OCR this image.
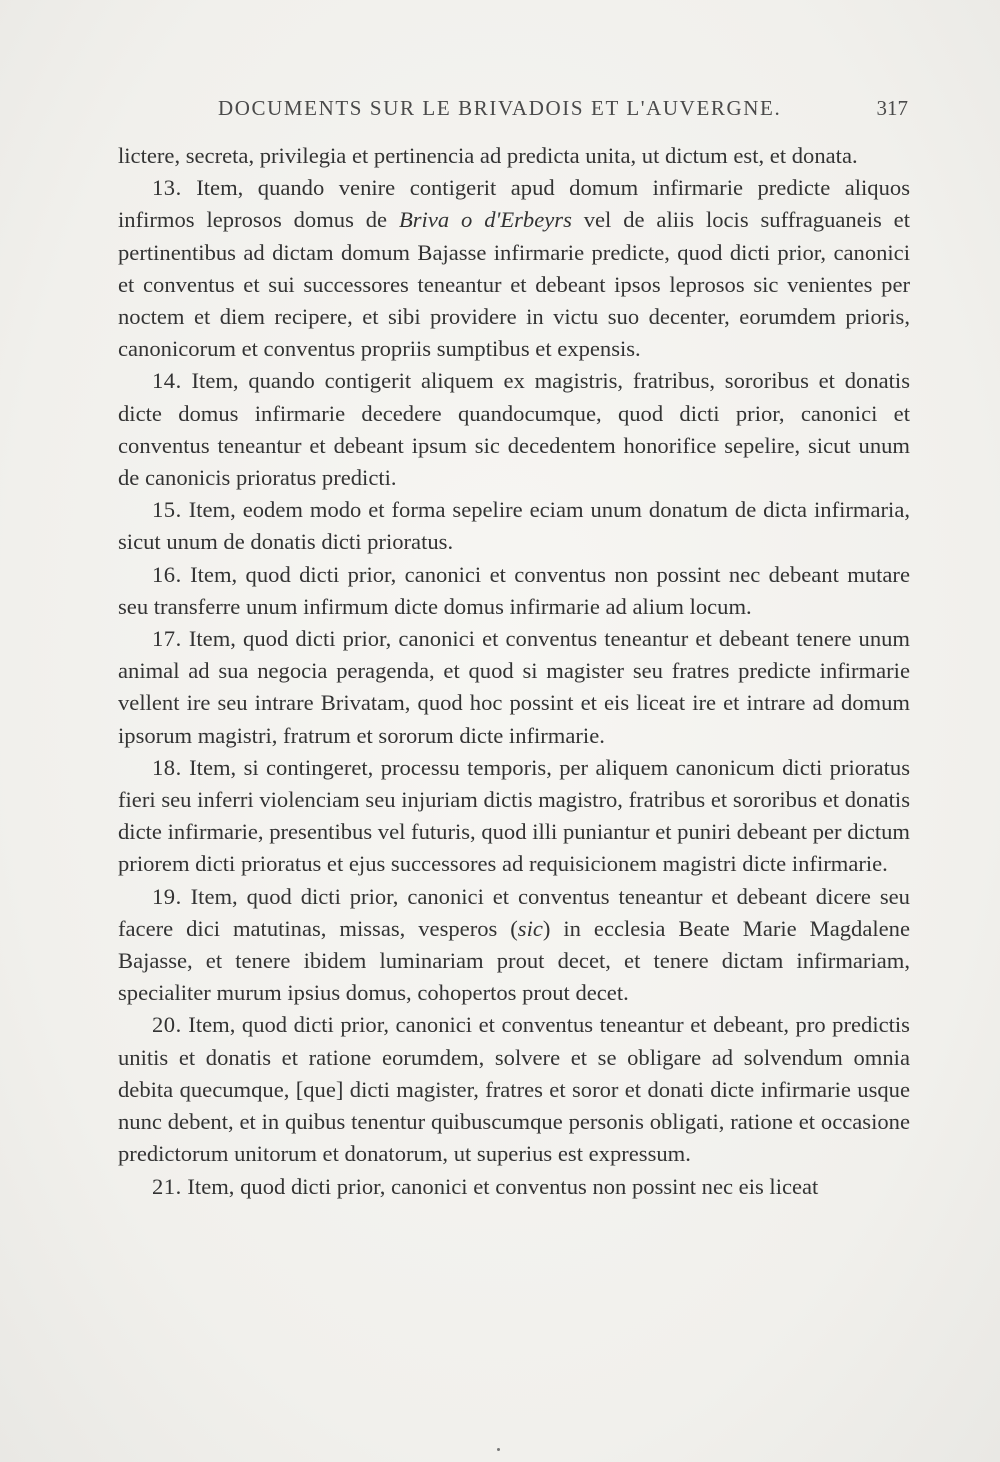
DOCUMENTS SUR LE BRIVADOIS ET L'AUVERGNE.	317

lictere, secreta, privilegia et pertinencia ad predicta unita, ut dictum est, et donata.

13. Item, quando venire contigerit apud domum infirmarie predicte aliquos infirmos leprosos domus de Briva o d'Erbeyrs vel de aliis locis suffraguaneis et pertinentibus ad dictam domum Bajasse infirmarie predicte, quod dicti prior, canonici et conventus et sui successores teneantur et debeant ipsos leprosos sic venientes per noctem et diem recipere, et sibi providere in victu suo decenter, eorumdem prioris, canonicorum et conventus propriis sumptibus et expensis.

14. Item, quando contigerit aliquem ex magistris, fratribus, sororibus et donatis dicte domus infirmarie decedere quandocumque, quod dicti prior, canonici et conventus teneantur et debeant ipsum sic decedentem honorifice sepelire, sicut unum de canonicis prioratus predicti.

15. Item, eodem modo et forma sepelire eciam unum donatum de dicta infirmaria, sicut unum de donatis dicti prioratus.

16. Item, quod dicti prior, canonici et conventus non possint nec debeant mutare seu transferre unum infirmum dicte domus infirmarie ad alium locum.

17. Item, quod dicti prior, canonici et conventus teneantur et debeant tenere unum animal ad sua negocia peragenda, et quod si magister seu fratres predicte infirmarie vellent ire seu intrare Brivatam, quod hoc possint et eis liceat ire et intrare ad domum ipsorum magistri, fratrum et sororum dicte infirmarie.

18. Item, si contingeret, processu temporis, per aliquem canonicum dicti prioratus fieri seu inferri violenciam seu injuriam dictis magistro, fratribus et sororibus et donatis dicte infirmarie, presentibus vel futuris, quod illi puniantur et puniri debeant per dictum priorem dicti prioratus et ejus successores ad requisicionem magistri dicte infirmarie.

19. Item, quod dicti prior, canonici et conventus teneantur et debeant dicere seu facere dici matutinas, missas, vesperos (sic) in ecclesia Beate Marie Magdalene Bajasse, et tenere ibidem luminariam prout decet, et tenere dictam infirmariam, specialiter murum ipsius domus, cohopertos prout decet.

20. Item, quod dicti prior, canonici et conventus teneantur et debeant, pro predictis unitis et donatis et ratione eorumdem, solvere et se obligare ad solvendum omnia debita quecumque, [que] dicti magister, fratres et soror et donati dicte infirmarie usque nunc debent, et in quibus tenentur quibuscumque personis obligati, ratione et occasione predictorum unitorum et donatorum, ut superius est expressum.

21. Item, quod dicti prior, canonici et conventus non possint nec eis liceat
